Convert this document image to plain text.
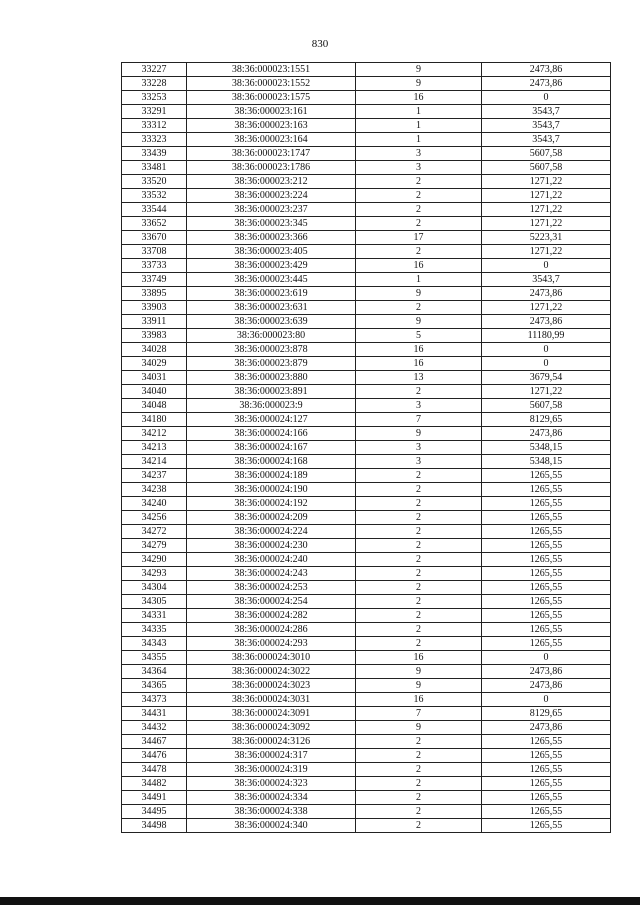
830
33227	38:36:000023:1551	9	2473,86
33228	38:36:000023:1552	9	2473,86
33253	38:36:000023:1575	16	0
33291	38:36:000023:161	1	3543,7
33312	38:36:000023:163	1	3543,7
33323	38:36:000023:164	1	3543,7
33439	38:36:000023:1747	3	5607,58
33481	38:36:000023:1786	3	5607,58
33520	38:36:000023:212	2	1271,22
33532	38:36:000023:224	2	1271,22
33544	38:36:000023:237	2	1271,22
33652	38:36:000023:345	2	1271,22
33670	38:36:000023:366	17	5223,31
33708	38:36:000023:405	2	1271,22
33733	38:36:000023:429	16	0
33749	38:36:000023:445	1	3543,7
33895	38:36:000023:619	9	2473,86
33903	38:36:000023:631	2	1271,22
33911	38:36:000023:639	9	2473,86
33983	38:36:000023:80	5	11180,99
34028	38:36:000023:878	16	0
34029	38:36:000023:879	16	0
34031	38:36:000023:880	13	3679,54
34040	38:36:000023:891	2	1271,22
34048	38:36:000023:9	3	5607,58
34180	38:36:000024:127	7	8129,65
34212	38:36:000024:166	9	2473,86
34213	38:36:000024:167	3	5348,15
34214	38:36:000024:168	3	5348,15
34237	38:36:000024:189	2	1265,55
34238	38:36:000024:190	2	1265,55
34240	38:36:000024:192	2	1265,55
34256	38:36:000024:209	2	1265,55
34272	38:36:000024:224	2	1265,55
34279	38:36:000024:230	2	1265,55
34290	38:36:000024:240	2	1265,55
34293	38:36:000024:243	2	1265,55
34304	38:36:000024:253	2	1265,55
34305	38:36:000024:254	2	1265,55
34331	38:36:000024:282	2	1265,55
34335	38:36:000024:286	2	1265,55
34343	38:36:000024:293	2	1265,55
34355	38:36:000024:3010	16	0
34364	38:36:000024:3022	9	2473,86
34365	38:36:000024:3023	9	2473,86
34373	38:36:000024:3031	16	0
34431	38:36:000024:3091	7	8129,65
34432	38:36:000024:3092	9	2473,86
34467	38:36:000024:3126	2	1265,55
34476	38:36:000024:317	2	1265,55
34478	38:36:000024:319	2	1265,55
34482	38:36:000024:323	2	1265,55
34491	38:36:000024:334	2	1265,55
34495	38:36:000024:338	2	1265,55
34498	38:36:000024:340	2	1265,55
